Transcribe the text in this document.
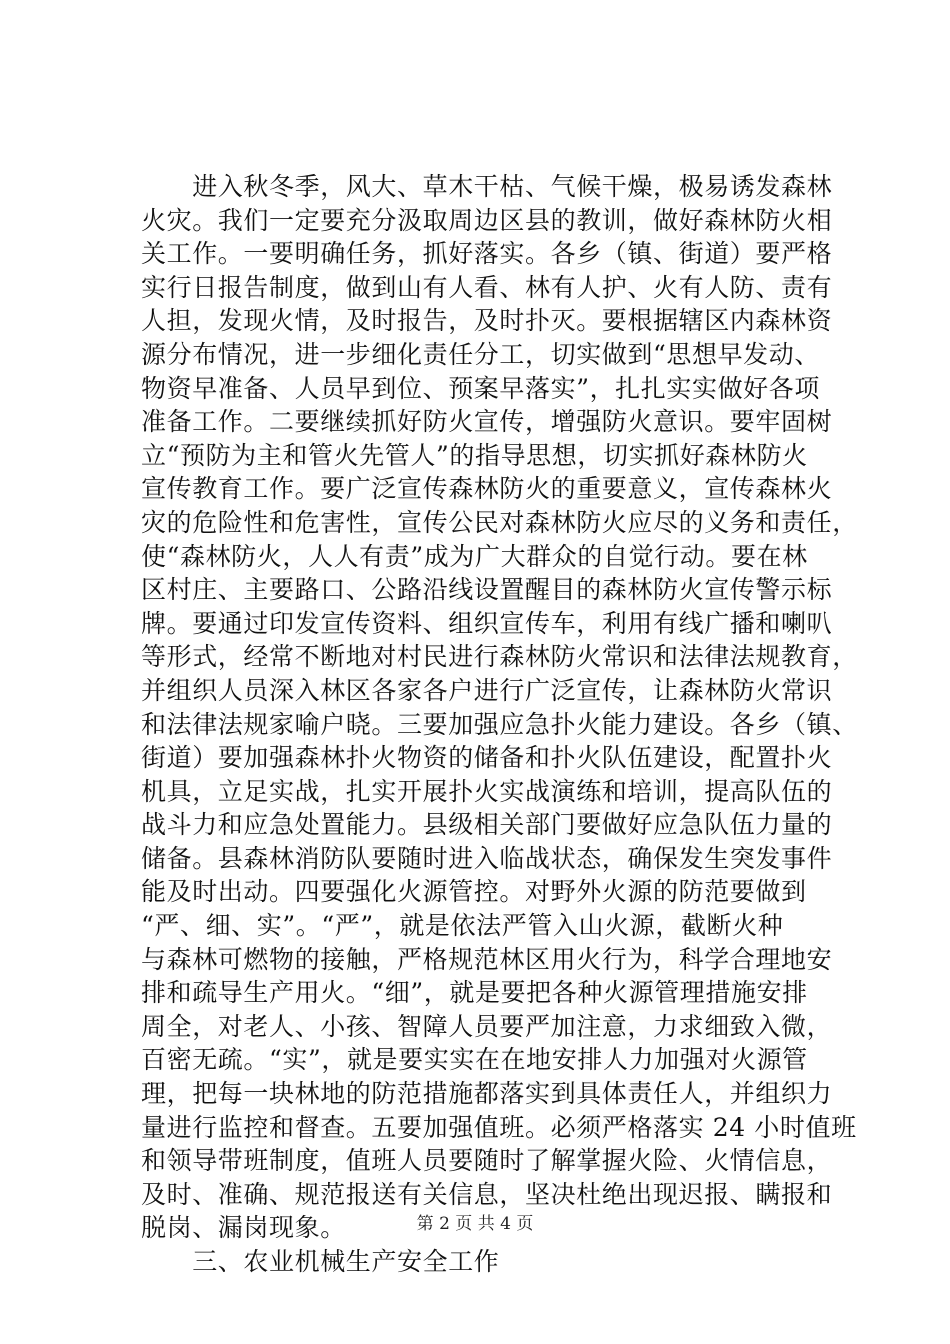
　　进入秋冬季，风大、草木干枯、气候干燥，极易诱发森林
火灾。我们一定要充分汲取周边区县的教训，做好森林防火相
关工作。一要明确任务，抓好落实。各乡（镇、街道）要严格
实行日报告制度，做到山有人看、林有人护、火有人防、责有
人担，发现火情，及时报告，及时扑灭。要根据辖区内森林资
源分布情况，进一步细化责任分工，切实做到“思想早发动、
物资早准备、人员早到位、预案早落实”，扎扎实实做好各项
准备工作。二要继续抓好防火宣传，增强防火意识。要牢固树
立“预防为主和管火先管人”的指导思想，切实抓好森林防火
宣传教育工作。要广泛宣传森林防火的重要意义，宣传森林火
灾的危险性和危害性，宣传公民对森林防火应尽的义务和责任，
使“森林防火，人人有责”成为广大群众的自觉行动。要在林
区村庄、主要路口、公路沿线设置醒目的森林防火宣传警示标
牌。要通过印发宣传资料、组织宣传车，利用有线广播和喇叭
等形式，经常不断地对村民进行森林防火常识和法律法规教育，
并组织人员深入林区各家各户进行广泛宣传，让森林防火常识
和法律法规家喻户晓。三要加强应急扑火能力建设。各乡（镇、
街道）要加强森林扑火物资的储备和扑火队伍建设，配置扑火
机具，立足实战，扎实开展扑火实战演练和培训，提高队伍的
战斗力和应急处置能力。县级相关部门要做好应急队伍力量的
储备。县森林消防队要随时进入临战状态，确保发生突发事件
能及时出动。四要强化火源管控。对野外火源的防范要做到
“严、细、实”。“严”，就是依法严管入山火源，截断火种
与森林可燃物的接触，严格规范林区用火行为，科学合理地安
排和疏导生产用火。“细”，就是要把各种火源管理措施安排
周全，对老人、小孩、智障人员要严加注意，力求细致入微，
百密无疏。“实”，就是要实实在在地安排人力加强对火源管
理，把每一块林地的防范措施都落实到具体责任人，并组织力
量进行监控和督查。五要加强值班。必须严格落实 24 小时值班
和领导带班制度，值班人员要随时了解掌握火险、火情信息，
及时、准确、规范报送有关信息，坚决杜绝出现迟报、瞒报和
脱岗、漏岗现象。
　　三、农业机械生产安全工作
第 2 页 共 4 页
